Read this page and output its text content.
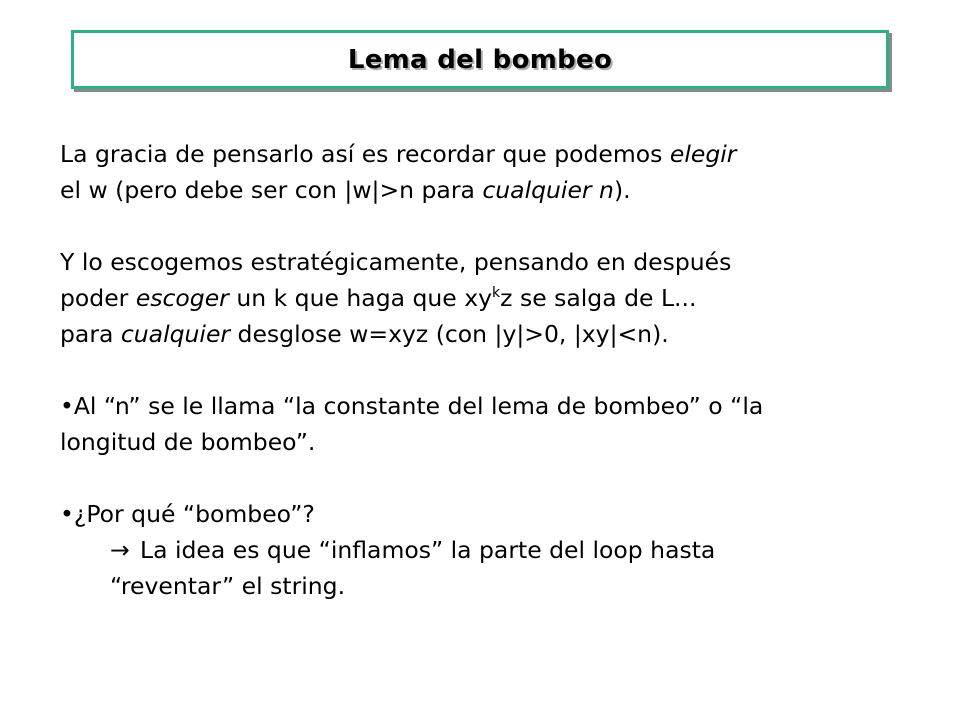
Lema del bombeo
La gracia de pensarlo así es recordar que podemos elegir
el w (pero debe ser con |w|>n para cualquier n).
Y lo escogemos estratégicamente, pensando en después
poder escoger un k que haga que $xy^kz$ se salga de L...
para cualquier desglose w=xyz (con |y|>0, |xy|<n).
•Al “n” se le llama “la constante del lema de bombeo” o “la
longitud de bombeo”.
•¿Por qué “bombeo”?
→ La idea es que “inflamos” la parte del loop hasta
“reventar” el string.
